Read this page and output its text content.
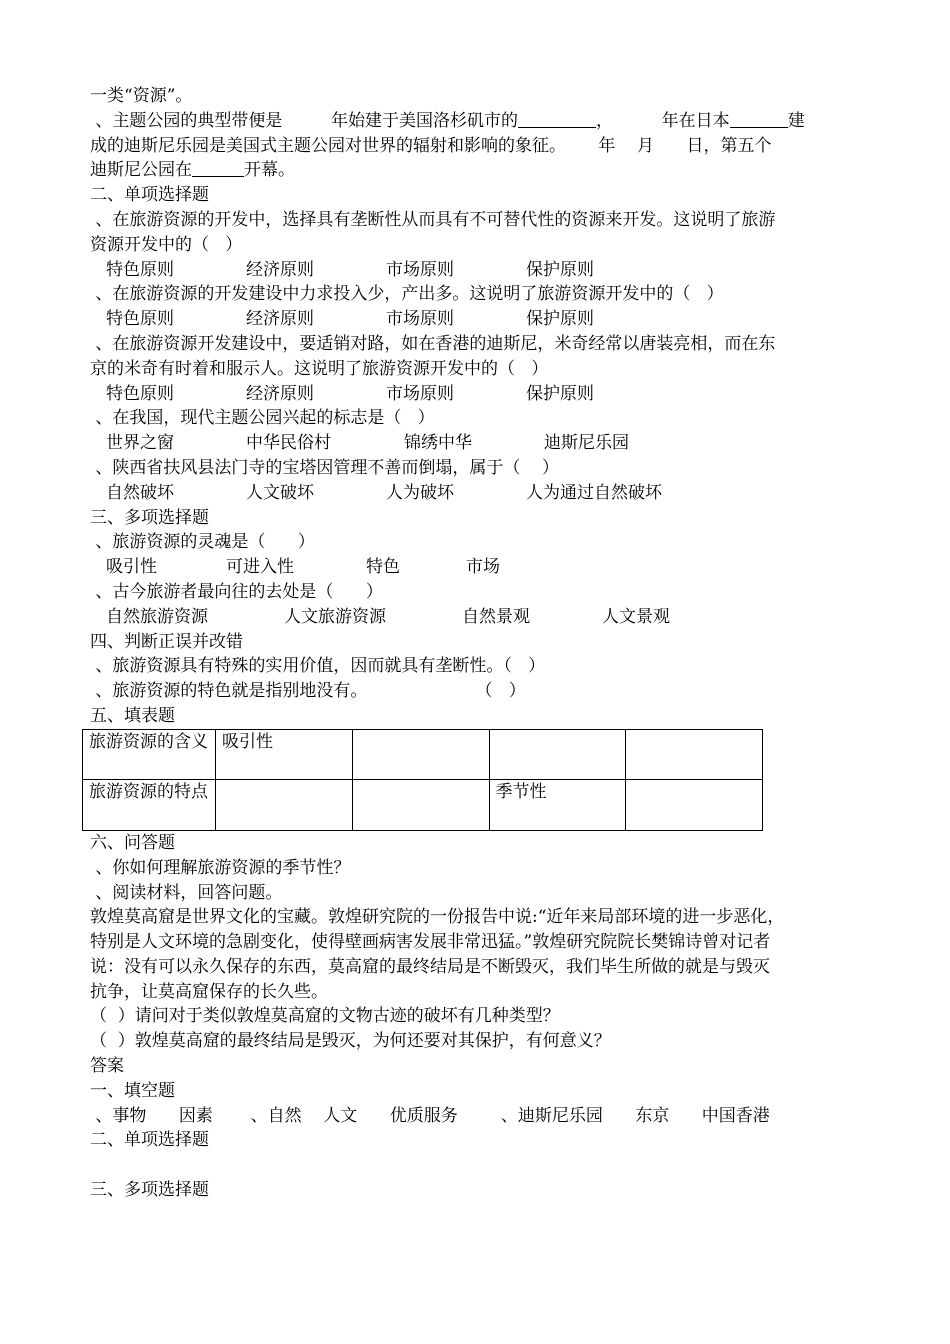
一类“资源”。
、主题公园的典型带便是         年始建于美国洛杉矶市的	，         年在日本	建
成的迪斯尼乐园是美国式主题公园对世界的辐射和影响的象征。      年    月      日，第五个
迪斯尼公园在	开幕。
二、单项选择题
、在旅游资源的开发中，选择具有垄断性从而具有不可替代性的资源来开发。这说明了旅游
资源开发中的（   ）
特色原则	经济原则	市场原则	保护原则
、在旅游资源的开发建设中力求投入少，产出多。这说明了旅游资源开发中的（   ）
特色原则	经济原则	市场原则	保护原则
、在旅游资源开发建设中，要适销对路，如在香港的迪斯尼，米奇经常以唐装亮相，而在东
京的米奇有时着和服示人。这说明了旅游资源开发中的（   ）
特色原则	经济原则	市场原则	保护原则
、在我国，现代主题公园兴起的标志是（   ）
世界之窗	中华民俗村	锦绣中华	迪斯尼乐园
、陕西省扶风县法门寺的宝塔因管理不善而倒塌，属于（    ）
自然破坏	人文破坏	人为破坏	人为通过自然破坏
三、多项选择题
、旅游资源的灵魂是（      ）
吸引性	可进入性	特色	市场
、古今旅游者最向往的去处是（      ）
自然旅游资源	人文旅游资源	自然景观	人文景观
四、判断正误并改错
、旅游资源具有特殊的实用价值，因而就具有垄断性。（   ）
、旅游资源的特色就是指别地没有。                    （   ）
五、填表题
旅游资源的含义	吸引性			
旅游资源的特点			季节性	
六、问答题
、你如何理解旅游资源的季节性？
、阅读材料，回答问题。
敦煌莫高窟是世界文化的宝藏。敦煌研究院的一份报告中说:“近年来局部环境的进一步恶化，
特别是人文环境的急剧变化，使得壁画病害发展非常迅猛。”敦煌研究院院长樊锦诗曾对记者
说：没有可以永久保存的东西，莫高窟的最终结局是不断毁灭，我们毕生所做的就是与毁灭
抗争，让莫高窟保存的长久些。
（  ）请问对于类似敦煌莫高窟的文物古迹的破坏有几种类型？
（  ）敦煌莫高窟的最终结局是毁灭，为何还要对其保护，有何意义？
答案
一、填空题
、事物      因素       、自然    人文      优质服务        、迪斯尼乐园      东京      中国香港
二、单项选择题
三、多项选择题
